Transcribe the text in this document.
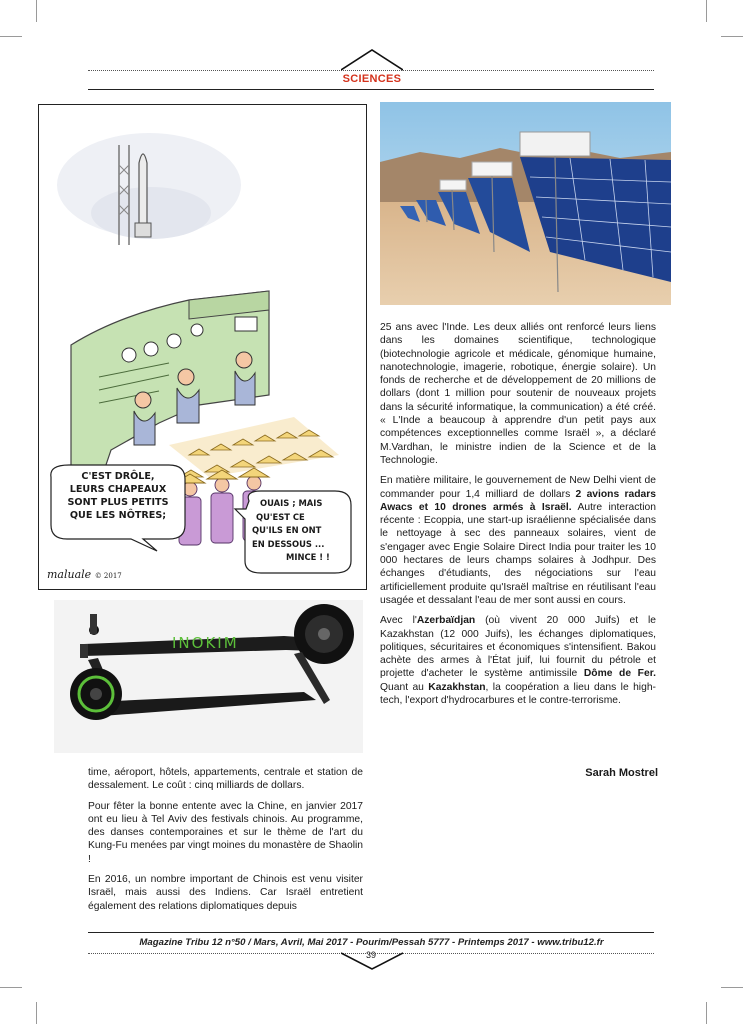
SCIENCES
C'EST DRÔLE,
LEURS CHAPEAUX
SONT PLUS PETITS
QUE LES NÔTRES;
OUAIS ; MAIS
QU'EST CE
QU'ILS EN ONT
EN DESSOUS ...
MINCE ! !
maluale © 2017
INOKIM

time, aéroport, hôtels, appartements, centrale et station de dessalement. Le coût : cinq milliards de dollars.

Pour fêter la bonne entente avec la Chine, en janvier 2017 ont eu lieu à Tel Aviv des festivals chinois. Au programme, des danses contemporaines et sur le thème de l'art du Kung-Fu menées par vingt moines du monastère de Shaolin !

En 2016, un nombre important de Chinois est venu visiter Israël, mais aussi des Indiens. Car Israël entretient également des relations diplomatiques depuis

25 ans avec l'Inde. Les deux alliés ont renforcé leurs liens dans les domaines scientifique, technologique (biotechnologie agricole et médicale, génomique humaine, nanotechnologie, imagerie, robotique, énergie solaire). Un fonds de recherche et de développement de 20 millions de dollars (dont 1 million pour soutenir de nouveaux projets dans la sécurité informatique, la communication) a été créé. « L'Inde a beaucoup à apprendre d'un petit pays aux compétences exceptionnelles comme Israël », a déclaré M.Vardhan, le ministre indien de la Science et de la Technologie.

En matière militaire, le gouvernement de New Delhi vient de commander pour 1,4 milliard de dollars 2 avions radars Awacs et 10 drones armés à Israël. Autre interaction récente : Ecoppia, une start-up israélienne spécialisée dans le nettoyage à sec des panneaux solaires, vient de s'engager avec Engie Solaire Direct India pour traiter les 10 000 hectares de leurs champs solaires à Jodhpur. Des échanges d'étudiants, des négociations sur l'eau artificiellement produite qu'Israël maîtrise en réutilisant l'eau usagée et dessalant l'eau de mer sont aussi en cours.

Avec l'Azerbaïdjan (où vivent 20 000 Juifs) et le Kazakhstan (12 000 Juifs), les échanges diplomatiques, politiques, sécuritaires et économiques s'intensifient. Bakou achète des armes à l'État juif, lui fournit du pétrole et projette d'acheter le système antimissile Dôme de Fer. Quant au Kazakhstan, la coopération a lieu dans le high-tech, l'export d'hydrocarbures et le contre-terrorisme.

Sarah Mostrel
Magazine Tribu 12 n°50 / Mars, Avril, Mai 2017 - Pourim/Pessah 5777 - Printemps 2017 - www.tribu12.fr
39
